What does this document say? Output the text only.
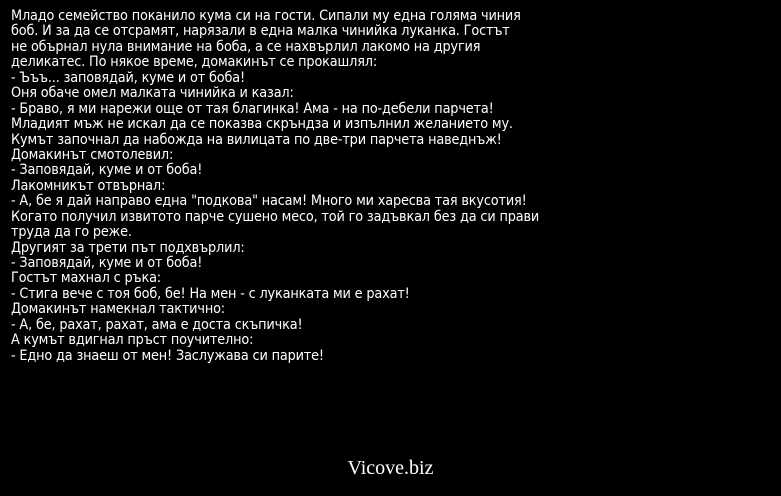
Младо семейство поканило кума си на гости. Сипали му една голяма чиния
боб. И за да се отсрамят, нарязали в една малка чинийка луканка. Гостът
не обърнал нула внимание на боба, а се нахвърлил лакомо на другия
деликатес. По някое време, домакинът се прокашлял:
- Ъъъ... заповядай, куме и от боба!
Оня обаче омел малката чинийка и казал:
- Браво, я ми нарежи още от тая благинка! Ама - на по-дебели парчета!
Младият мъж не искал да се показва скръндза и изпълнил желанието му.
Кумът започнал да набожда на вилицата по две-три парчета наведнъж!
Домакинът смотолевил:
- Заповядай, куме и от боба!
Лакомникът отвърнал:
- А, бе я дай направо една "подкова" насам! Много ми харесва тая вкусотия!
Когато получил извитото парче сушено месо, той го задъвкал без да си прави
труда да го реже.
Другият за трети път подхвърлил:
- Заповядай, куме и от боба!
Гостът махнал с ръка:
- Стига вече с тоя боб, бе! На мен - с луканката ми е рахат!
Домакинът намекнал тактично:
- А, бе, рахат, рахат, ама е доста скъпичка!
А кумът вдигнал пръст поучително:
- Едно да знаеш от мен! Заслужава си парите!
Vicove.biz
